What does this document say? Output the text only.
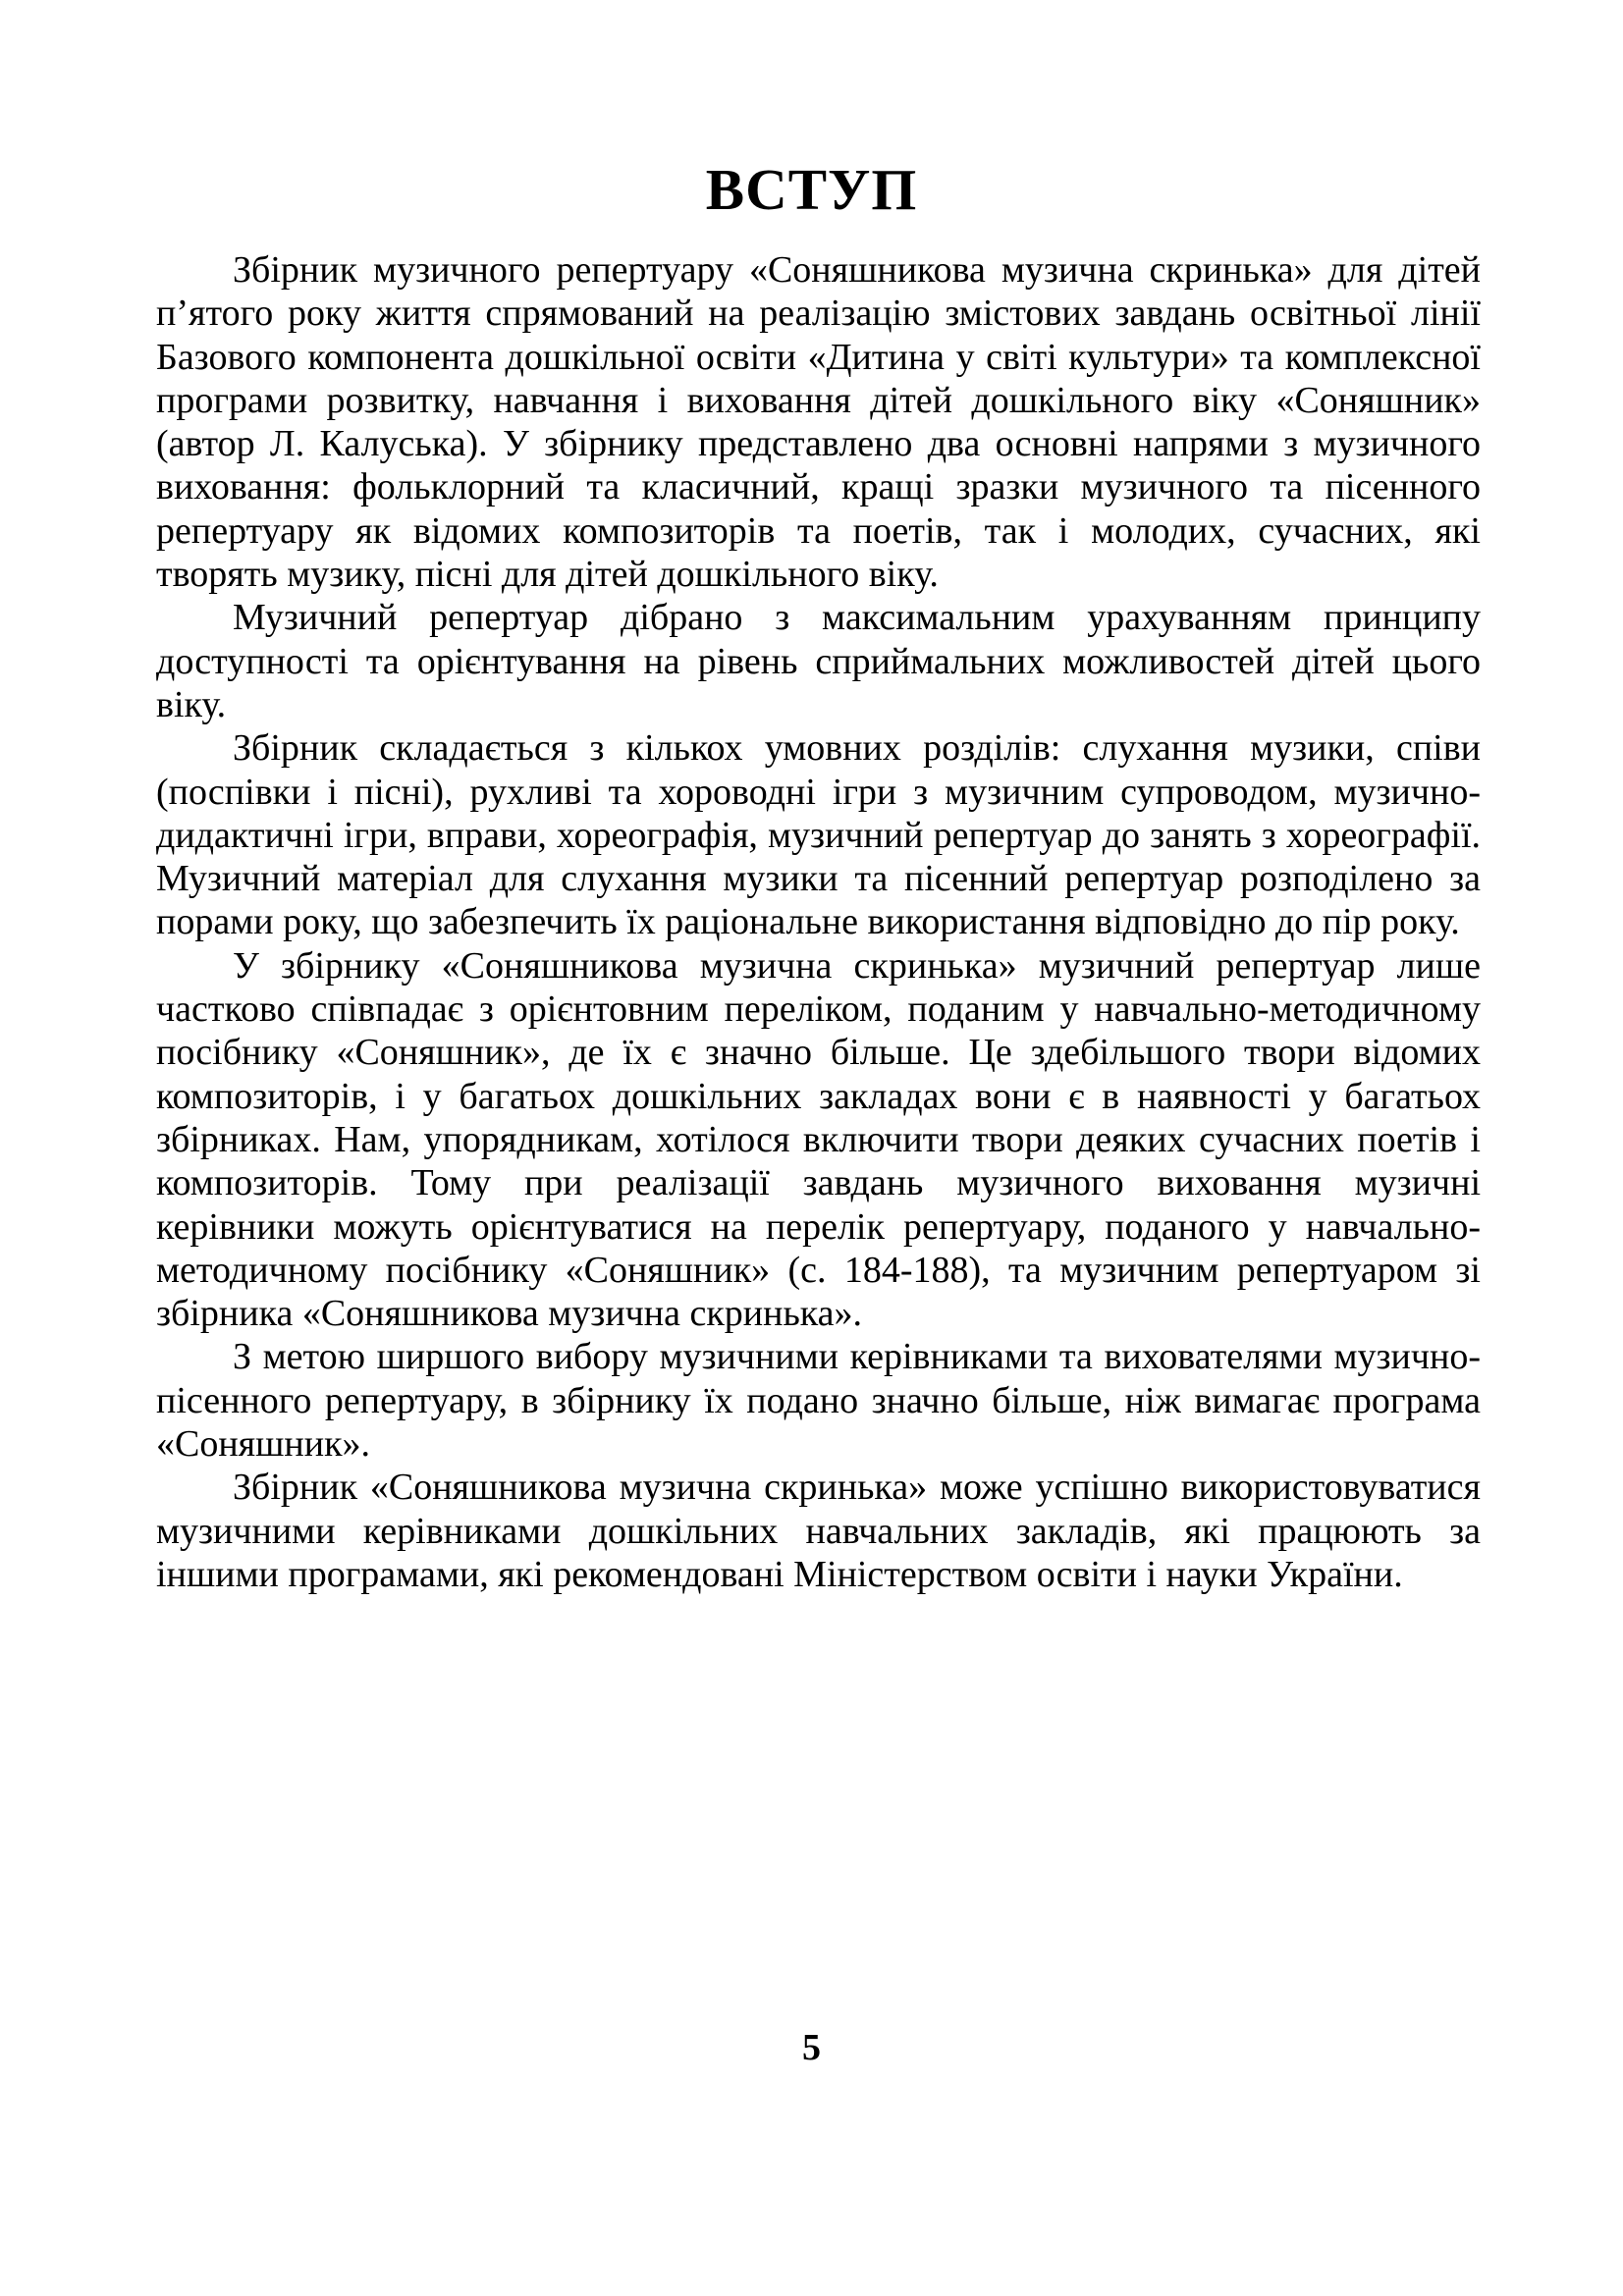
ВСТУП

Збірник музичного репертуару «Соняшникова музична скринька» для дітей п’ятого року життя спрямований на реалізацію змістових завдань освітньої лінії Базового компонента дошкільної освіти «Дитина у світі культури» та комплексної програми розвитку, навчання і виховання дітей дошкільного віку «Соняшник» (автор Л. Калуська). У збірнику представлено два основні напрями з музичного виховання: фольклорний та класичний, кращі зразки музичного та пісенного репертуару як відомих композиторів та поетів, так і молодих, сучасних, які творять музику, пісні для дітей дошкільного віку.

Музичний репертуар дібрано з максимальним урахуванням принципу доступності та орієнтування на рівень сприймальних можливостей дітей цього віку.

Збірник складається з кількох умовних розділів: слухання музики, співи (поспівки і пісні), рухливі та хороводні ігри з музичним супроводом, музично-дидактичні ігри, вправи, хореографія, музичний репертуар до занять з хореографії. Музичний матеріал для слухання музики та пісенний репертуар розподілено за порами року, що забезпечить їх раціональне використання відповідно до пір року.

У збірнику «Соняшникова музична скринька» музичний репертуар лише частково співпадає з орієнтовним переліком, поданим у навчально-методичному посібнику «Соняшник», де їх є значно більше. Це здебільшого твори відомих композиторів, і у багатьох дошкільних закладах вони є в наявності у багатьох збірниках. Нам, упорядникам, хотілося включити твори деяких сучасних поетів і композиторів. Тому при реалізації завдань музичного виховання музичні керівники можуть орієнтуватися на перелік репертуару, поданого у навчально-методичному посібнику «Соняшник» (с. 184-188), та музичним репертуаром зі збірника «Соняшникова музична скринька».

З метою ширшого вибору музичними керівниками та вихователями музично-пісенного репертуару, в збірнику їх подано значно більше, ніж вимагає програма «Соняшник».

Збірник «Соняшникова музична скринька» може успішно використовуватися музичними керівниками дошкільних навчальних закладів, які працюють за іншими програмами, які рекомендовані Міністерством освіти і науки України.

5
